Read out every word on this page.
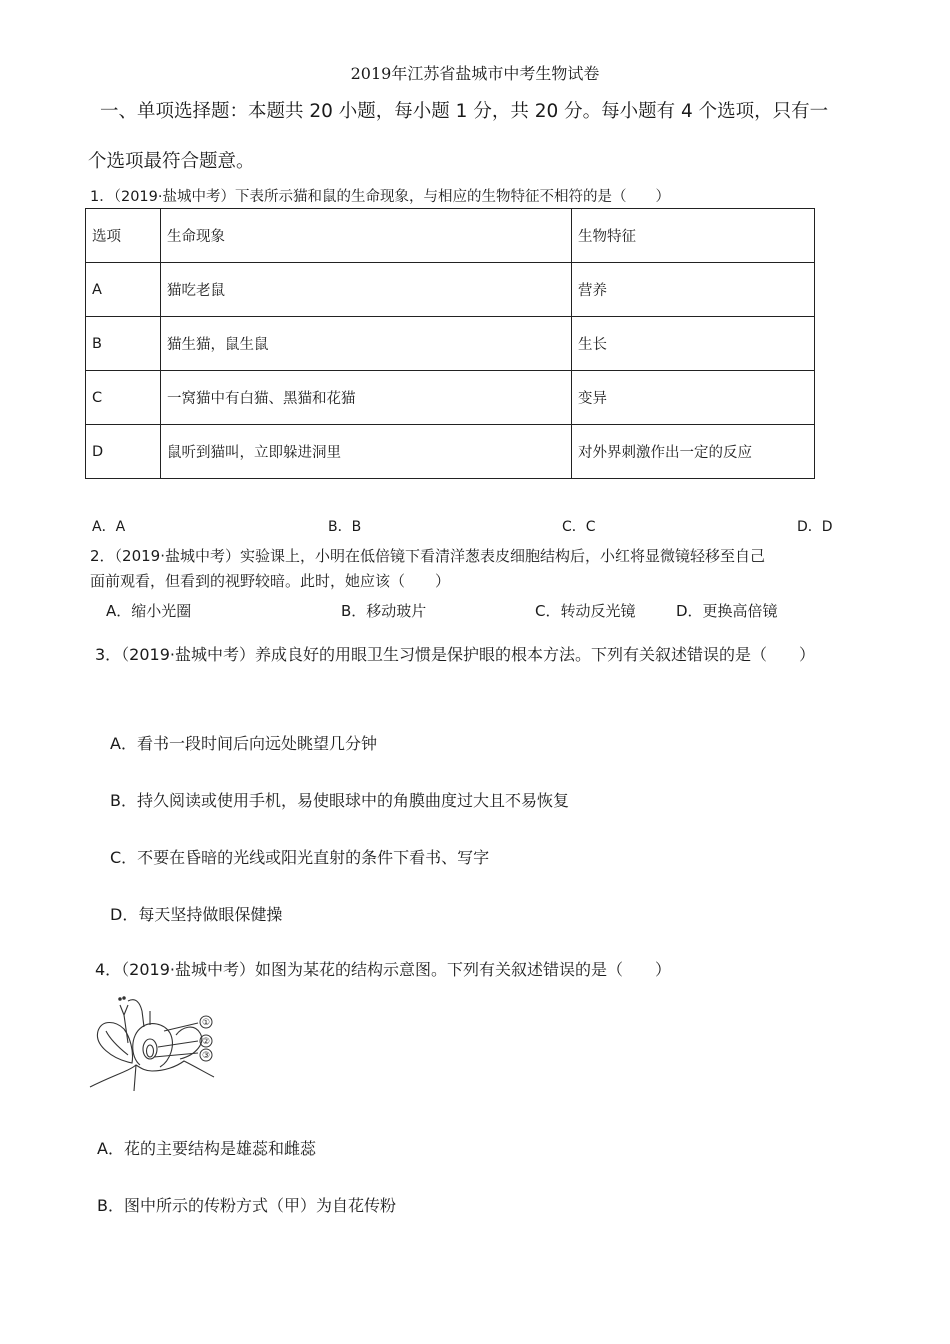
2019年江苏省盐城市中考生物试卷
一、单项选择题：本题共 20 小题，每小题 1 分，共 20 分。每小题有 4 个选项，只有一
个选项最符合题意。
1．（2019·盐城中考）下表所示猫和鼠的生命现象，与相应的生物特征不相符的是（　　）
选项	生命现象	生物特征
A	猫吃老鼠	营养
B	猫生猫，鼠生鼠	生长
C	一窝猫中有白猫、黑猫和花猫	变异
D	鼠听到猫叫，立即躲进洞里	对外界刺激作出一定的反应
A．A	B．B	C．C	D．D
2．（2019·盐城中考）实验课上，小明在低倍镜下看清洋葱表皮细胞结构后，小红将显微镜轻移至自己
面前观看，但看到的视野较暗。此时，她应该（　　）
A．缩小光圈	B．移动玻片	C．转动反光镜	D．更换高倍镜
3．（2019·盐城中考）养成良好的用眼卫生习惯是保护眼的根本方法。下列有关叙述错误的是（　　）
A．看书一段时间后向远处眺望几分钟
B．持久阅读或使用手机，易使眼球中的角膜曲度过大且不易恢复
C．不要在昏暗的光线或阳光直射的条件下看书、写字
D．每天坚持做眼保健操
4．（2019·盐城中考）如图为某花的结构示意图。下列有关叙述错误的是（　　）
①
②
③
A．花的主要结构是雄蕊和雌蕊
B．图中所示的传粉方式（甲）为自花传粉
